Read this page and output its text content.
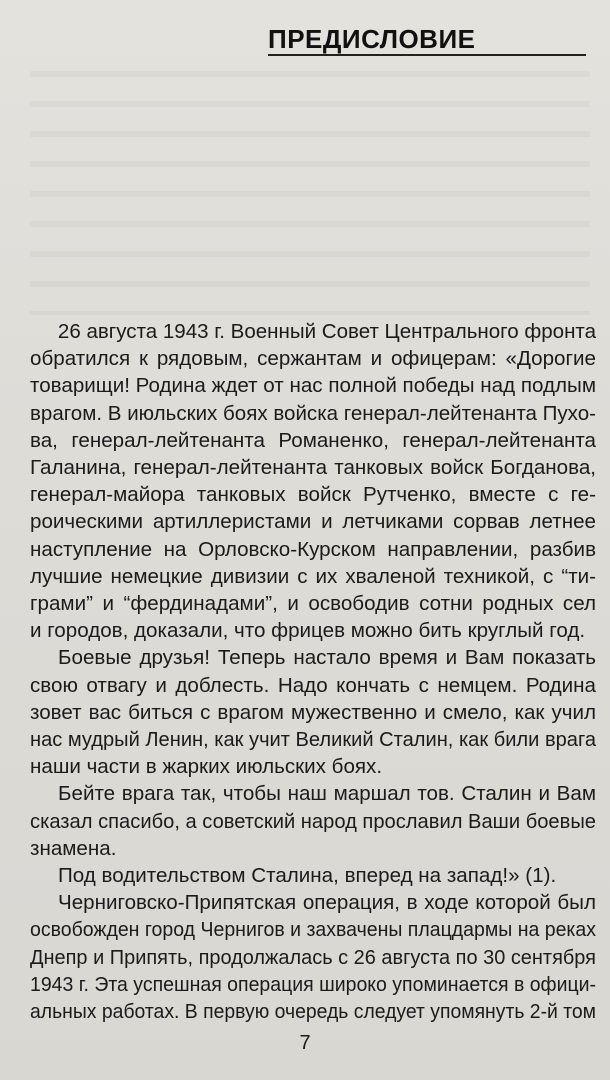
ПРЕДИСЛОВИЕ

26 августа 1943 г. Военный Совет Центрального фронта
обратился к рядовым, сержантам и офицерам: «Дорогие
товарищи! Родина ждет от нас полной победы над подлым
врагом. В июльских боях войска генерал-лейтенанта Пухо-
ва, генерал-лейтенанта Романенко, генерал-лейтенанта
Галанина, генерал-лейтенанта танковых войск Богданова,
генерал-майора танковых войск Рутченко, вместе с ге-
роическими артиллеристами и летчиками сорвав летнее
наступление на Орловско-Курском направлении, разбив
лучшие немецкие дивизии с их хваленой техникой, с “ти-
грами” и “фердинадами”, и освободив сотни родных сел
и городов, доказали, что фрицев можно бить круглый год.

Боевые друзья! Теперь настало время и Вам показать
свою отвагу и доблесть. Надо кончать с немцем. Родина
зовет вас биться с врагом мужественно и смело, как учил
нас мудрый Ленин, как учит Великий Сталин, как били врага
наши части в жарких июльских боях.

Бейте врага так, чтобы наш маршал тов. Сталин и Вам
сказал спасибо, а советский народ прославил Ваши боевые
знамена.

Под водительством Сталина, вперед на запад!» (1).

Черниговско-Припятская операция, в ходе которой был
освобожден город Чернигов и захвачены плацдармы на реках
Днепр и Припять, продолжалась с 26 августа по 30 сентября
1943 г. Эта успешная операция широко упоминается в офици-
альных работах. В первую очередь следует упомянуть 2-й том

7
